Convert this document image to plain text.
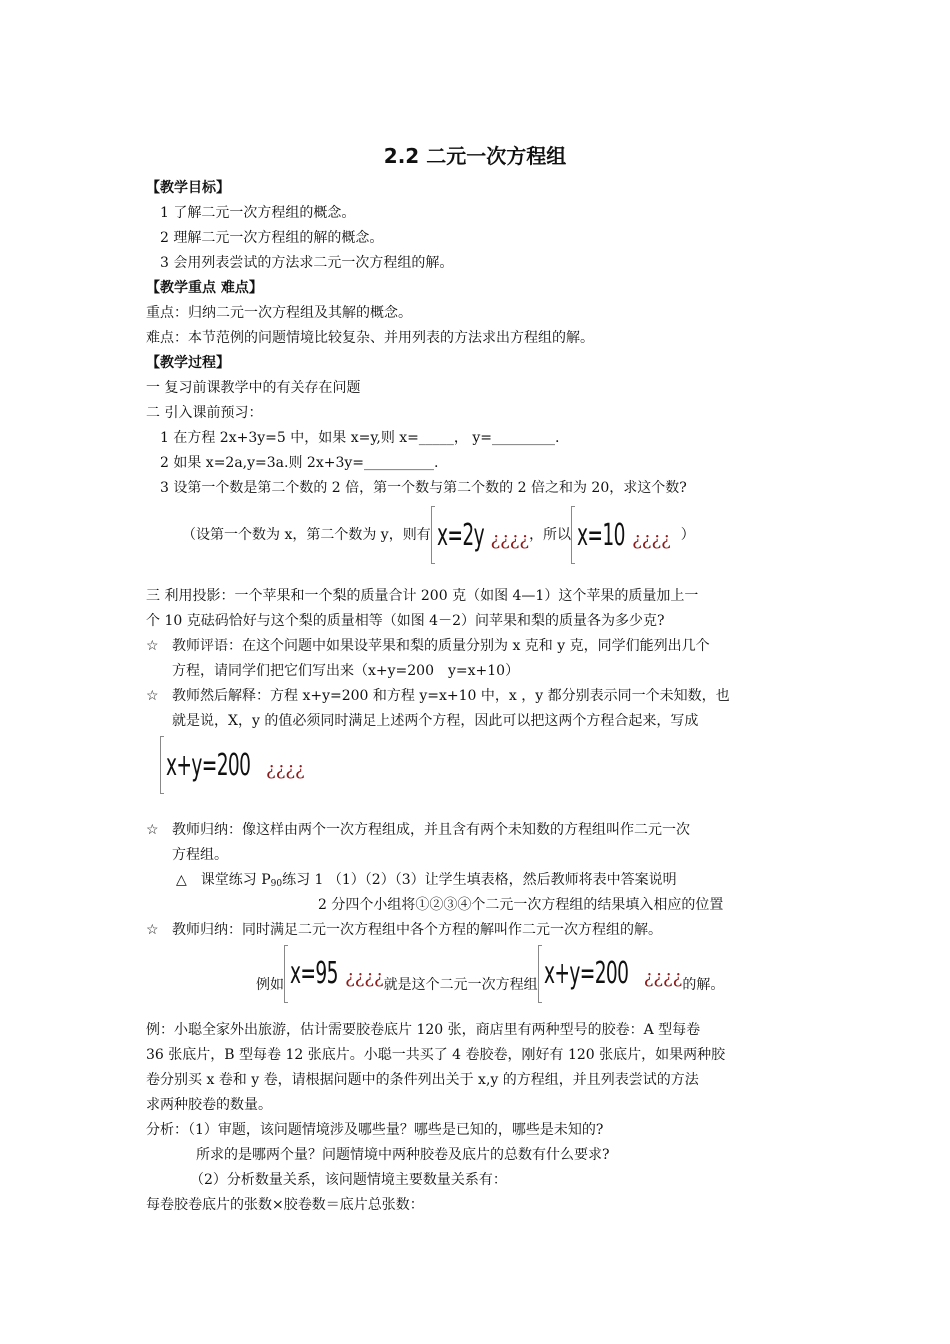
2.2 二元一次方程组
【教学目标】
1 了解二元一次方程组的概念。
2 理解二元一次方程组的解的概念。
3 会用列表尝试的方法求二元一次方程组的解。
【教学重点 难点】
重点：归纳二元一次方程组及其解的概念。
难点：本节范例的问题情境比较复杂、并用列表的方法求出方程组的解。
【教学过程】
一 复习前课教学中的有关存在问题
二 引入课前预习：
1 在方程 2x+3y=5 中，如果 x=y,则 x=_____， y=_________.
2 如果 x=2a,y=3a.则 2x+3y=__________.
3 设第一个数是第二个数的 2 倍，第一个数与第二个数的 2 倍之和为 20，求这个数?
（设第一个数为 x，第二个数为 y，则有 x=2y ¿¿¿¿，所以 x=10 ¿¿¿¿ ）
三 利用投影：一个苹果和一个梨的质量合计 200 克（如图 4—1）这个苹果的质量加上一
个 10 克砝码恰好与这个梨的质量相等（如图 4－2）问苹果和梨的质量各为多少克?
☆ 教师评语：在这个问题中如果设苹果和梨的质量分别为 x 克和 y 克，同学们能列出几个
方程，请同学们把它们写出来（x+y=200　y=x+10）
☆ 教师然后解释：方程 x+y=200 和方程 y=x+10 中，x ，y 都分别表示同一个未知数，也
就是说，X，y 的值必须同时满足上述两个方程，因此可以把这两个方程合起来，写成
x+y=200 ¿¿¿¿
☆ 教师归纳：像这样由两个一次方程组成，并且含有两个未知数的方程组叫作二元一次
方程组。
△　课堂练习 $P_{90}$练习 1 （1）（2）（3）让学生填表格，然后教师将表中答案说明
2 分四个小组将①②③④个二元一次方程组的结果填入相应的位置
☆ 教师归纳：同时满足二元一次方程组中各个方程的解叫作二元一次方程组的解。
例如 x=95 ¿¿¿¿就是这个二元一次方程组 x+y=200 ¿¿¿¿的解。
例：小聪全家外出旅游，估计需要胶卷底片 120 张，商店里有两种型号的胶卷：A 型每卷
36 张底片，B 型每卷 12 张底片。小聪一共买了 4 卷胶卷，刚好有 120 张底片，如果两种胶
卷分别买 x 卷和 y 卷，请根据问题中的条件列出关于 x,y 的方程组，并且列表尝试的方法
求两种胶卷的数量。
分析：（1）审题，该问题情境涉及哪些量？哪些是已知的，哪些是未知的?
所求的是哪两个量？问题情境中两种胶卷及底片的总数有什么要求?
（2）分析数量关系，该问题情境主要数量关系有：
每卷胶卷底片的张数×胶卷数＝底片总张数：
